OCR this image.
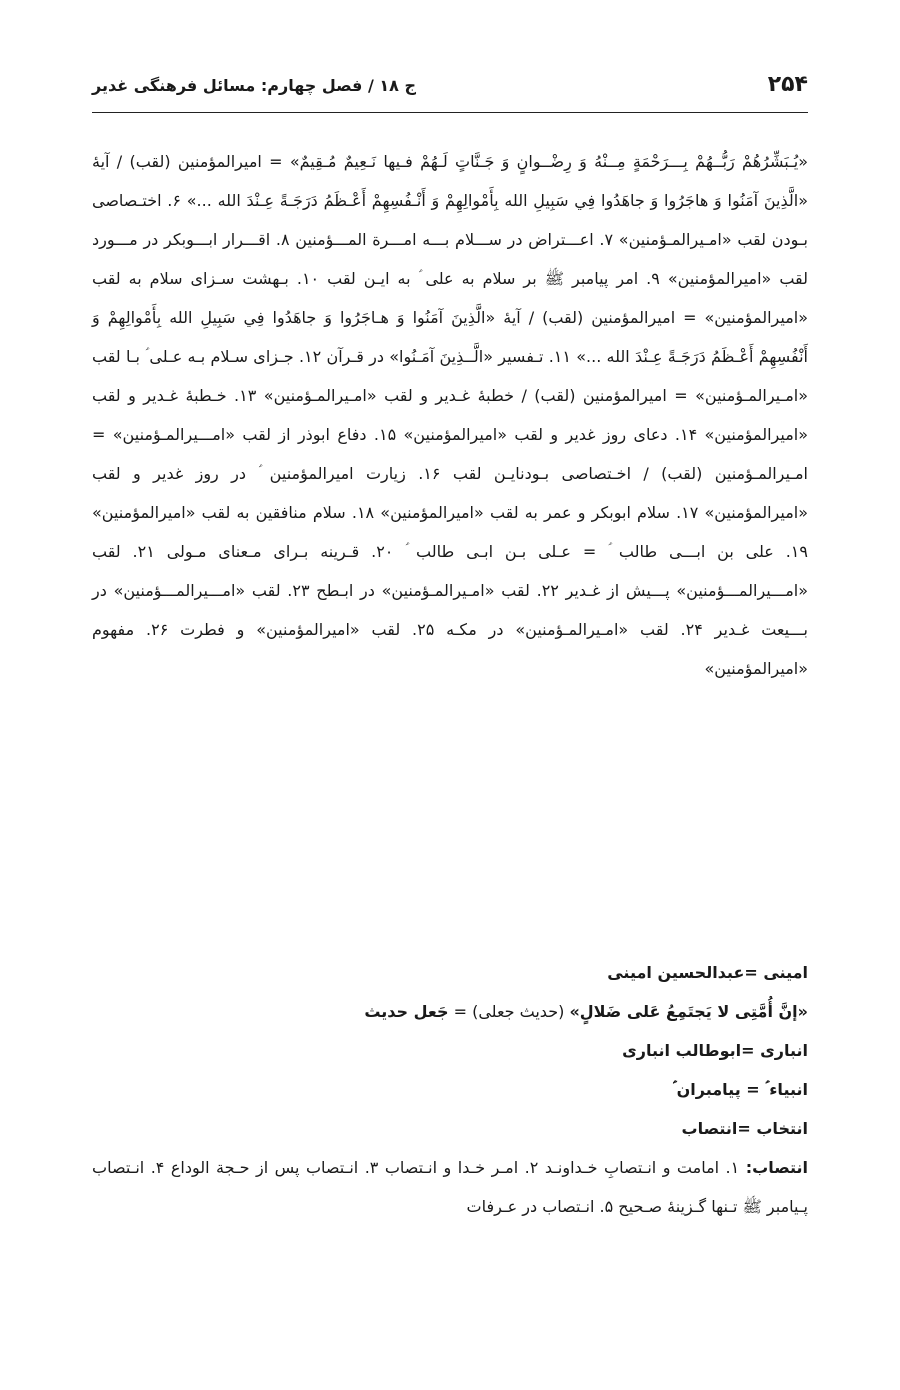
۲۵۴
ج ۱۸ / فصل چهارم: مسائل فرهنگی غدیر
«يُـبَشِّرُهُمْ رَبُّــهُمْ بِـــرَحْمَةٍ مِــنْهُ وَ رِضْــوانٍ وَ جَـنَّاتٍ لَـهُمْ فـيها نَـعِيمٌ مُـقِيمٌ» = اميرالمؤمنين (لقب) / آيۀ «الَّذِينَ آمَنُوا وَ هاجَرُوا وَ جاهَدُوا فِي سَبِيلِ الله بِأَمْوالِهِمْ وَ أَنْـفُسِهِمْ أَعْـظَمُ دَرَجَـةً عِـنْدَ الله ...» ۶. اختـصاصی بـودن لقب «امـيرالمـؤمنين» ۷. اعـــتراض در ســـلام بـــه امـــرة المـــؤمنين ۸. اقـــرار ابـــوبكر در مـــورد لقب «اميرالمؤمنين» ۹. امر پيامبر ﷺ بر سلام به علی ؑ به ايـن لقب ۱۰. بـهشت سـزای سلام به لقب «اميرالمؤمنين» = اميرالمؤمنين (لقب) / آيۀ «الَّذِينَ آمَنُوا وَ هـاجَرُوا وَ جاهَدُوا فِي سَبِيلِ الله بِأَمْوالِهِمْ وَ أَنْفُسِهِمْ أَعْـظَمُ دَرَجَـةً عِـنْدَ الله ...» ۱۱. تـفسير «الَّــذِينَ آمَـنُوا» در قـرآن ۱۲. جـزای سـلام بـه عـلی ؑ بـا لقب «امـيرالمـؤمنين» = اميرالمؤمنين (لقب) / خطبۀ غـدير و لقب «امـيرالمـؤمنين» ۱۳. خـطبۀ غـدير و لقب «اميرالمؤمنين» ۱۴. دعای روز غدير و لقب «اميرالمؤمنين» ۱۵. دفاع ابوذر از لقب «امـــيرالمـؤمنين» = امـيرالمـؤمنين (لقب) / اخـتصاصی بـودنايـن لقب ۱۶. زيارت اميرالمؤمنين ؑ در روز غدير و لقب «اميرالمؤمنين» ۱۷. سلام ابوبكر و عمر به لقب «اميرالمؤمنين» ۱۸. سلام منافقين به لقب «اميرالمؤمنين» ۱۹. علی بن ابـــی طالب ؑ = عـلی بـن ابـی طالب ؑ ۲۰. قـرينه بـرای مـعنای مـولی ۲۱. لقب «امـــيرالمـــؤمنين» پـــيش از غـدير ۲۲. لقب «امـيرالمـؤمنين» در ابـطح ۲۳. لقب «امـــيرالمـــؤمنين» در بـــيعت غـدير ۲۴. لقب «امـيرالمـؤمنين» در مكـه ۲۵. لقب «اميرالمؤمنين» و فطرت ۲۶. مفهوم «اميرالمؤمنين»

امينی =عبدالحسين امينی

«إنَّ أُمَّتِی لا يَجتَمِعُ عَلی ضَلالٍ» (حديث جعلی) = جَعل حديث

انباری =ابوطالب انباری

انبياء ؑ = پيامبران ؑ

انتخاب =انتصاب

انتصاب: ۱. امامت و انـتصابِ خـداونـد ۲. امـر خـدا و انـتصاب ۳. انـتصاب پس از حـجة الوداع ۴. انـتصاب پـيامبر ﷺ تـنها گـزينۀ صـحيح ۵. انـتصاب در عـرفات
